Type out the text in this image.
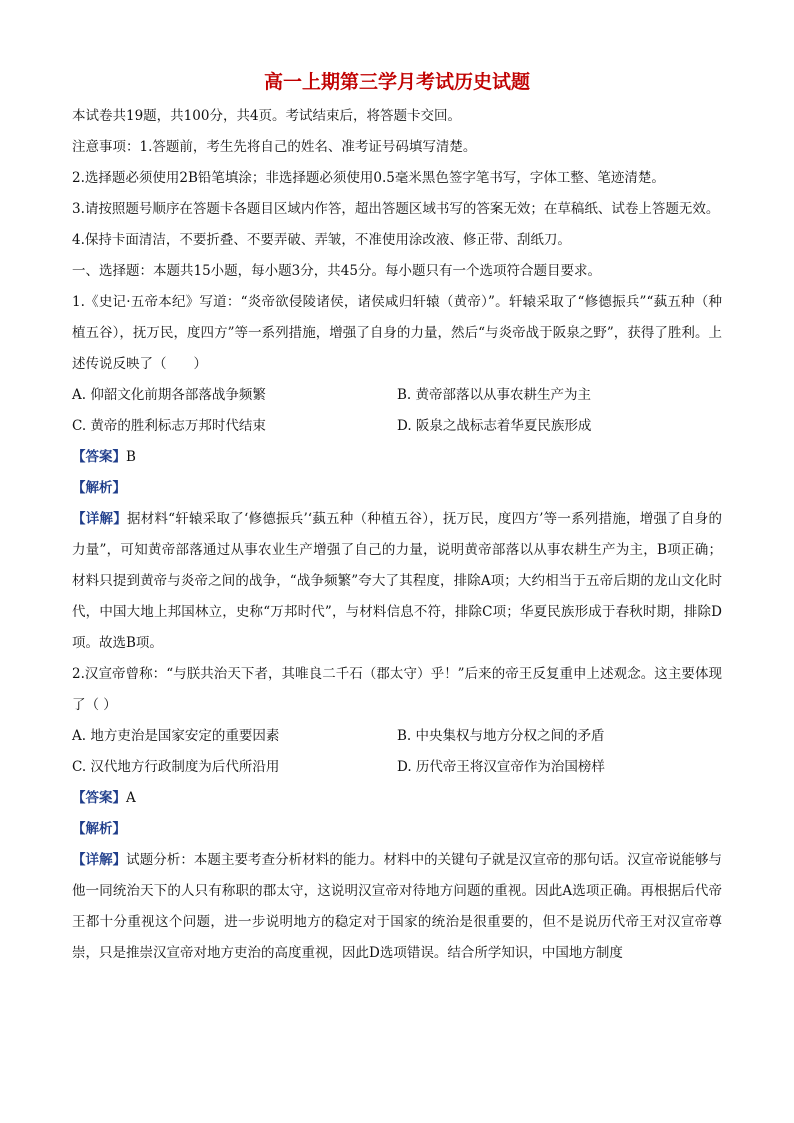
高一上期第三学月考试历史试题

本试卷共19题，共100分，共4页。考试结束后，将答题卡交回。

注意事项：1.答题前，考生先将自己的姓名、准考证号码填写清楚。

2.选择题必须使用2B铅笔填涂；非选择题必须使用0.5毫米黑色签字笔书写，字体工整、笔迹清楚。

3.请按照题号顺序在答题卡各题目区域内作答，超出答题区域书写的答案无效；在草稿纸、试卷上答题无效。

4.保持卡面清洁，不要折叠、不要弄破、弄皱，不准使用涂改液、修正带、刮纸刀。

一、选择题：本题共15小题，每小题3分，共45分。每小题只有一个选项符合题目要求。

1.《史记·五帝本纪》写道：“炎帝欲侵陵诸侯，诸侯咸归轩辕（黄帝）”。轩辕采取了“修德振兵”“蓺五种（种植五谷），抚万民，度四方”等一系列措施，增强了自身的力量，然后“与炎帝战于阪泉之野”，获得了胜利。上述传说反映了（　　）

A. 仰韶文化前期各部落战争频繁	B. 黄帝部落以从事农耕生产为主
C. 黄帝的胜利标志万邦时代结束	D. 阪泉之战标志着华夏民族形成

【答案】B

【解析】

【详解】据材料“轩辕采取了‘修德振兵’‘蓺五种（种植五谷），抚万民，度四方’等一系列措施，增强了自身的力量”，可知黄帝部落通过从事农业生产增强了自己的力量，说明黄帝部落以从事农耕生产为主，B项正确；材料只提到黄帝与炎帝之间的战争，“战争频繁”夸大了其程度，排除A项；大约相当于五帝后期的龙山文化时代，中国大地上邦国林立，史称“万邦时代”，与材料信息不符，排除C项；华夏民族形成于春秋时期，排除D项。故选B项。

2.汉宣帝曾称：“与朕共治天下者，其唯良二千石（郡太守）乎！”后来的帝王反复重申上述观念。这主要体现了（ ）

A. 地方吏治是国家安定的重要因素	B. 中央集权与地方分权之间的矛盾
C. 汉代地方行政制度为后代所沿用	D. 历代帝王将汉宣帝作为治国榜样

【答案】A

【解析】

【详解】试题分析：本题主要考查分析材料的能力。材料中的关键句子就是汉宣帝的那句话。汉宣帝说能够与他一同统治天下的人只有称职的郡太守，这说明汉宣帝对待地方问题的重视。因此A选项正确。再根据后代帝王都十分重视这个问题，进一步说明地方的稳定对于国家的统治是很重要的，但不是说历代帝王对汉宣帝尊崇，只是推崇汉宣帝对地方吏治的高度重视，因此D选项错误。结合所学知识，中国地方制度
